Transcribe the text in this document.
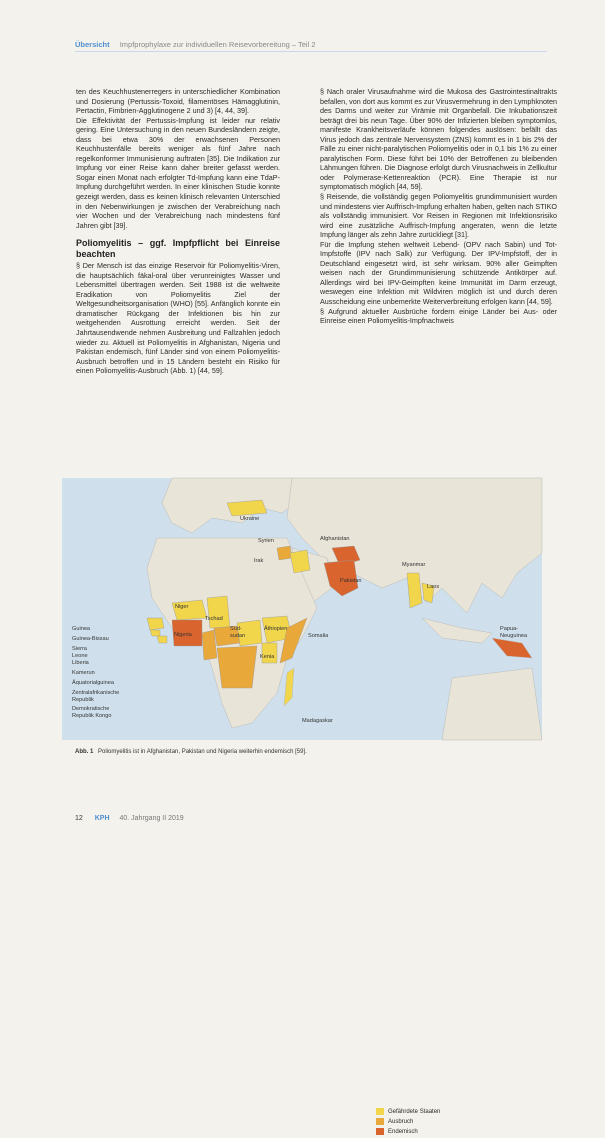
Übersicht Impfprophylaxe zur individuellen Reisevorbereitung – Teil 2

ten des Keuchhustenerregers in unterschiedlicher Kombination und Dosierung (Pertussis-Toxoid, filamentöses Hämagglutinin, Pertactin, Fimbrien-Agglutinogene 2 und 3) [4, 44, 39].

Die Effektivität der Pertussis-Impfung ist leider nur relativ gering. Eine Untersuchung in den neuen Bundesländern zeigte, dass bei etwa 30% der erwachsenen Personen Keuchhustenfälle bereits weniger als fünf Jahre nach regelkonformer Immunisierung auftraten [35]. Die Indikation zur Impfung vor einer Reise kann daher breiter gefasst werden. Sogar einen Monat nach erfolgter Td-Impfung kann eine TdaP-Impfung durchgeführt werden. In einer klinischen Studie konnte gezeigt werden, dass es keinen klinisch relevanten Unterschied in den Nebenwirkungen je zwischen der Verabreichung nach vier Wochen und der Verabreichung nach mindestens fünf Jahren gibt [39].

Poliomyelitis – ggf. Impfpflicht bei Einreise beachten

§ Der Mensch ist das einzige Reservoir für Poliomyelitis-Viren, die hauptsächlich fäkal-oral über verunreinigtes Wasser und Lebensmittel übertragen werden. Seit 1988 ist die weltweite Eradikation von Poliomyelitis Ziel der Weltgesundheitsorganisation (WHO) [55]. Anfänglich konnte ein dramatischer Rückgang der Infektionen bis hin zur weitgehenden Ausrottung erreicht werden. Seit der Jahrtausendwende nehmen Ausbreitung und Fallzahlen jedoch wieder zu. Aktuell ist Poliomyelitis in Afghanistan, Nigeria und Pakistan endemisch, fünf Länder sind von einem Poliomyelitis-Ausbruch betroffen und in 15 Ländern besteht ein Risiko für einen Poliomyelitis-Ausbruch (Abb. 1) [44, 59].

§ Nach oraler Virusaufnahme wird die Mukosa des Gastrointestinaltrakts befallen, von dort aus kommt es zur Virusvermehrung in den Lymphknoten des Darms und weiter zur Virämie mit Organbefall. Die Inkubationszeit beträgt drei bis neun Tage. Über 90% der Infizierten bleiben symptomlos, manifeste Krankheitsverläufe können folgendes auslösen: befällt das Virus jedoch das zentrale Nervensystem (ZNS) kommt es in 1 bis 2% der Fälle zu einer nicht-paralytischen Poliomyelitis oder in 0,1 bis 1% zu einer paralytischen Form. Diese führt bei 10% der Betroffenen zu bleibenden Lähmungen führen. Die Diagnose erfolgt durch Virusnachweis in Zellkultur oder Polymerase-Kettenreaktion (PCR). Eine Therapie ist nur symptomatisch möglich [44, 59].

§ Reisende, die vollständig gegen Poliomyelitis grundimmunisiert wurden und mindestens vier Auffrisch-Impfung erhalten haben, gelten nach STIKO als vollständig immunisiert. Vor Reisen in Regionen mit Infektionsrisiko wird eine zusätzliche Auffrisch-Impfung angeraten, wenn die letzte Impfung länger als zehn Jahre zurückliegt [31].

Für die Impfung stehen weltweit Lebend- (OPV nach Sabin) und Tot-Impfstoffe (IPV nach Salk) zur Verfügung. Der IPV-Impfstoff, der in Deutschland eingesetzt wird, ist sehr wirksam. 90% aller Geimpften weisen nach der Grundimmunisierung schützende Antikörper auf. Allerdings wird bei IPV-Geimpften keine Immunität im Darm erzeugt, weswegen eine Infektion mit Wildviren möglich ist und durch deren Ausscheidung eine unbemerkte Weiterverbreitung erfolgen kann [44, 59].

§ Aufgrund aktueller Ausbrüche fordern einige Länder bei Aus- oder Einreise einen Poliomyelitis-Impfnachweis

Ukraine
Syrien
Irak
Afghanistan
Pakistan
Myanmar
Laos
Niger
Tschad
Nigeria
Süd-
sudan
Äthiopien
Kenia
Somalia
Guinea
Guinea-Bissau
Sierra
Leone
Liberia
Kamerun
Äquatorialguinea
Zentralafrikanische
Republik
Demokratische
Republik Kongo
Madagaskar
Papua-
Neuguinea
Gefährdete Staaten
Ausbruch
Endemisch
Abb. 1 Poliomyelitis ist in Afghanistan, Pakistan und Nigeria weiterhin endemisch [59].
12 KPH 40. Jahrgang II 2019
